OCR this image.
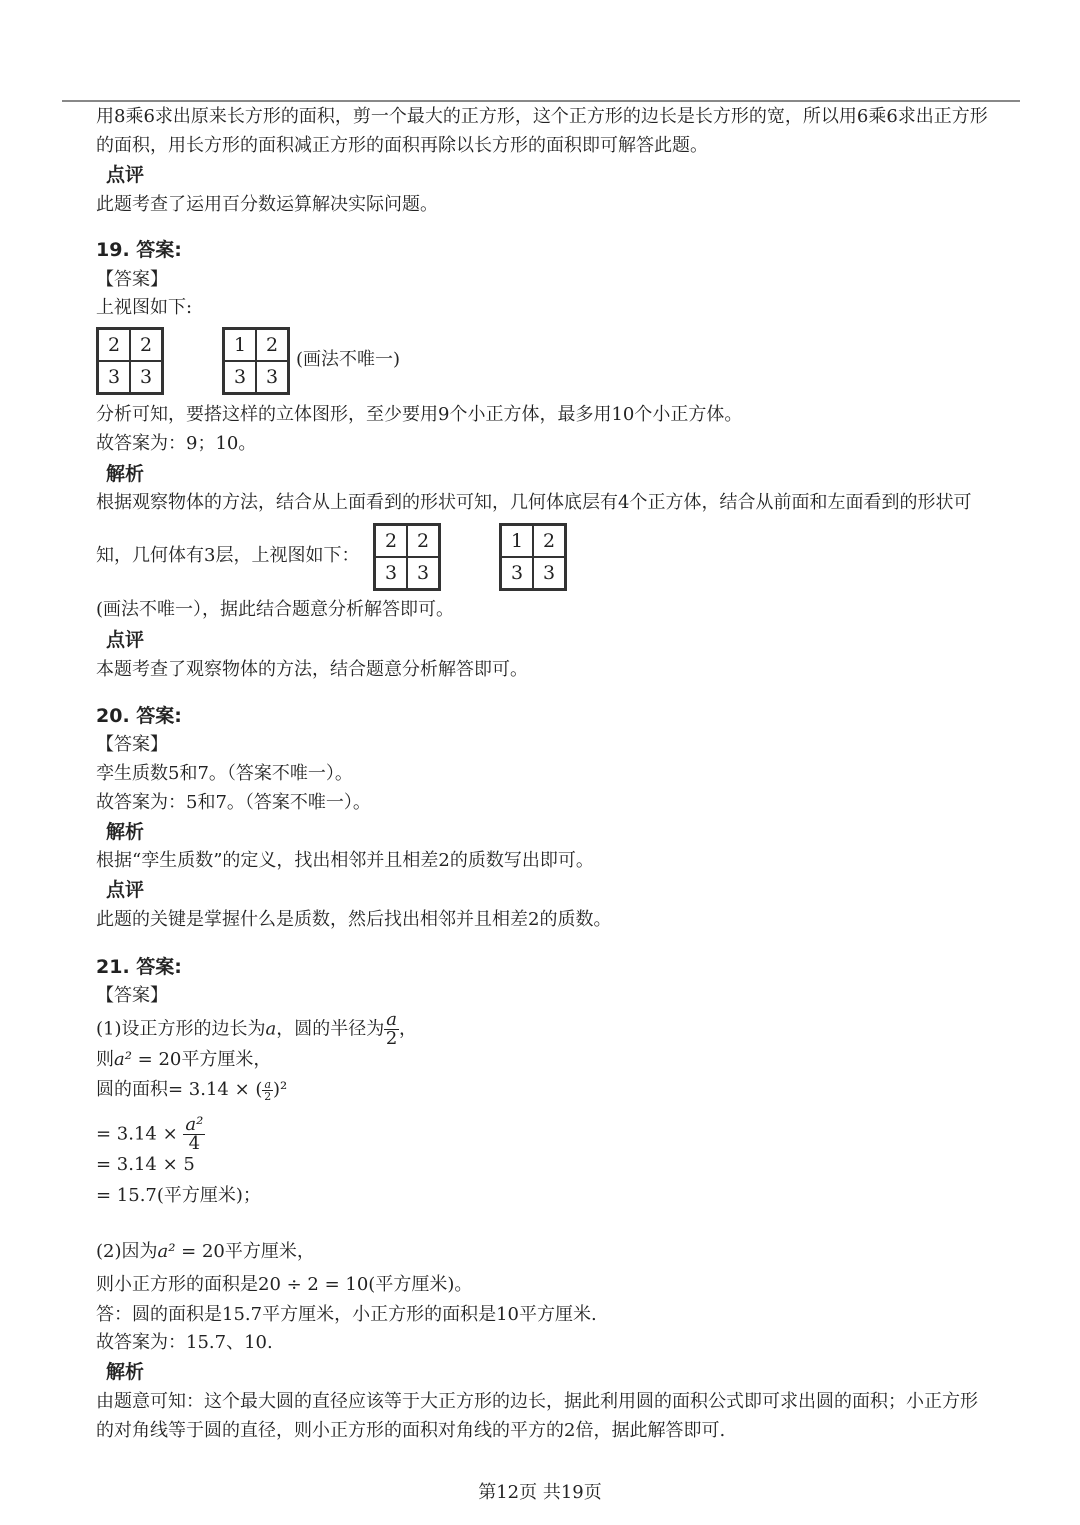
用8乘6求出原来长方形的面积，剪一个最大的正方形，这个正方形的边长是长方形的宽，所以用6乘6求出正方形
的面积，用长方形的面积减正方形的面积再除以长方形的面积即可解答此题。
点评
此题考查了运用百分数运算解决实际问题。
19. 答案:
【答案】
上视图如下:
2	2
3	3
1	2
3	3
(画法不唯一)
分析可知，要搭这样的立体图形，至少要用9个小正方体，最多用10个小正方体。
故答案为：9；10。
解析
根据观察物体的方法，结合从上面看到的形状可知，几何体底层有4个正方体，结合从前面和左面看到的形状可
知，几何体有3层，上视图如下：
2	2
3	3
1	2
3	3
(画法不唯一），据此结合题意分析解答即可。
点评
本题考查了观察物体的方法，结合题意分析解答即可。
20. 答案:
【答案】
孪生质数5和7。（答案不唯一）。
故答案为：5和7。（答案不唯一）。
解析
根据“孪生质数”的定义，找出相邻并且相差2的质数写出即可。
点评
此题的关键是掌握什么是质数，然后找出相邻并且相差2的质数。
21. 答案:
【答案】
(1)设正方形的边长为a，圆的半径为 $\frac{a}{2}$ ，
则a² = 20平方厘米，
圆的面积= 3.14 × ( $\frac{a}{2} )^2$
= $3.14 \times \frac{\text{a²}}{4}$
= 3.14 × 5
= 15.7(平方厘米)；
(2)因为a² = 20平方厘米，
则小正方形的面积是20 ÷ 2 = 10(平方厘米)。
答：圆的面积是15.7平方厘米，小正方形的面积是10平方厘米.
故答案为：15.7、10.
解析
由题意可知：这个最大圆的直径应该等于大正方形的边长，据此利用圆的面积公式即可求出圆的面积；小正方形
的对角线等于圆的直径，则小正方形的面积对角线的平方的2倍，据此解答即可.
第12页 共19页
